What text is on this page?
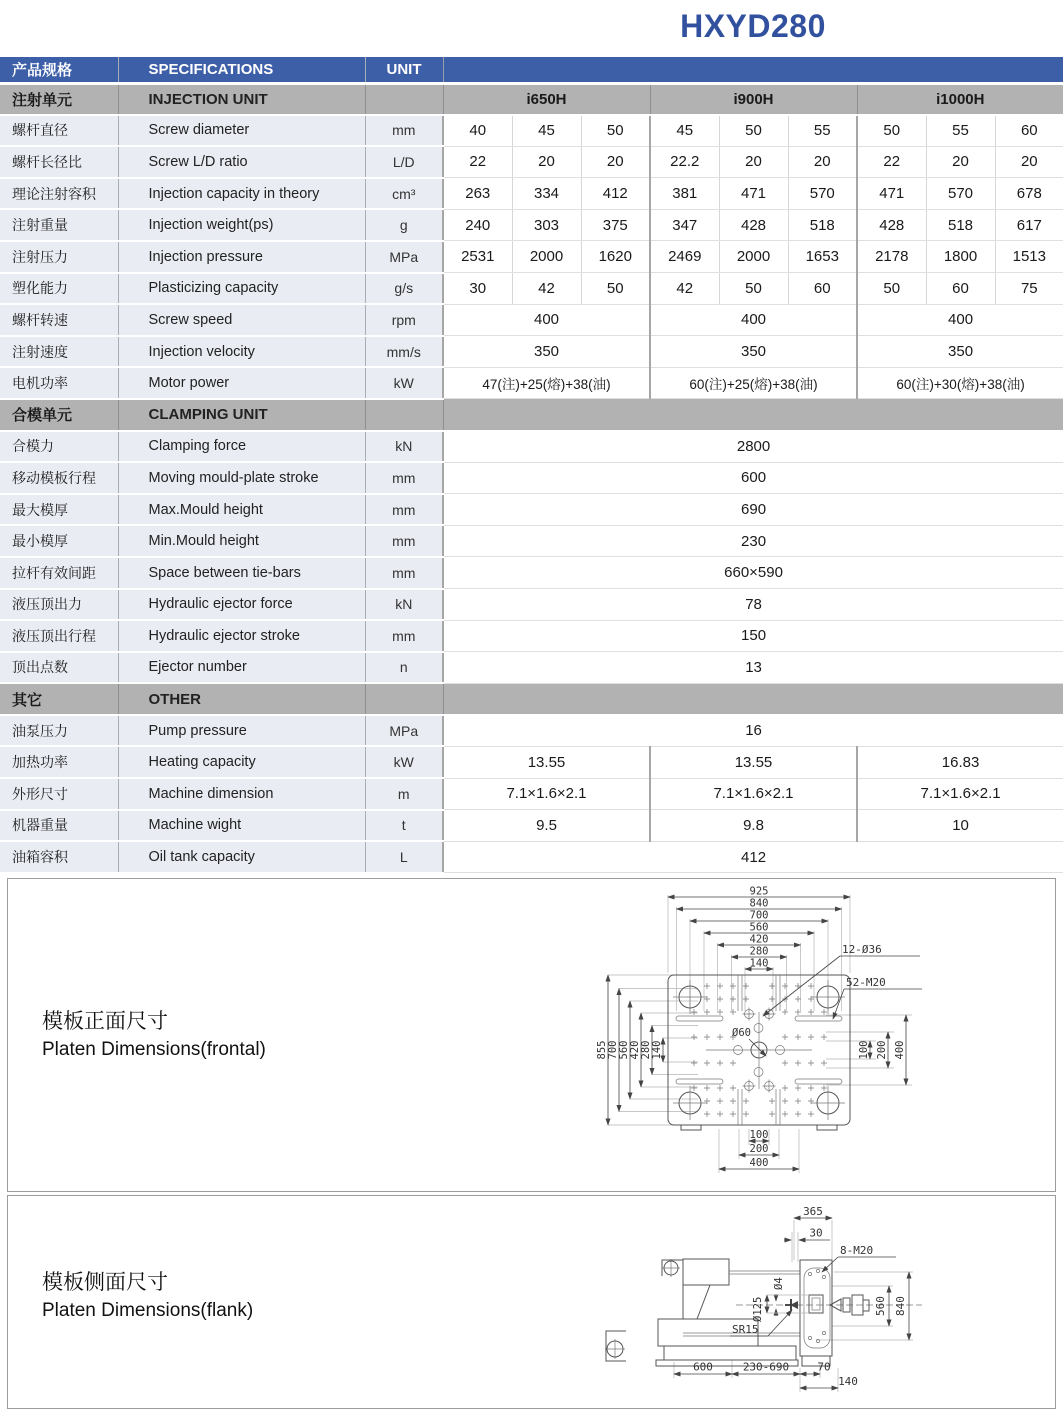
HXYD280
产品规格	SPECIFICATIONS	UNIT									
注射单元	INJECTION UNIT		i650H			i900H			i1000H		
螺杆直径	Screw diameter	mm	40	45	50	45	50	55	50	55	60
螺杆长径比	Screw L/D ratio	L/D	22	20	20	22.2	20	20	22	20	20
理论注射容积	Injection capacity in theory	cm³	263	334	412	381	471	570	471	570	678
注射重量	Injection weight(ps)	g	240	303	375	347	428	518	428	518	617
注射压力	Injection pressure	MPa	2531	2000	1620	2469	2000	1653	2178	1800	1513
塑化能力	Plasticizing capacity	g/s	30	42	50	42	50	60	50	60	75
螺杆转速	Screw speed	rpm	400			400			400		
注射速度	Injection velocity	mm/s	350			350			350		
电机功率	Motor power	kW	47(注)+25(熔)+38(油)			60(注)+25(熔)+38(油)			60(注)+30(熔)+38(油)		
合模单元	CLAMPING UNIT										
合模力	Clamping force	kN	2800								
移动模板行程	Moving mould-plate stroke	mm	600								
最大模厚	Max.Mould height	mm	690								
最小模厚	Min.Mould height	mm	230								
拉杆有效间距	Space between tie-bars	mm	660×590								
液压顶出力	Hydraulic ejector force	kN	78								
液压顶出行程	Hydraulic ejector stroke	mm	150								
顶出点数	Ejector number	n	13								
其它	OTHER										
油泵压力	Pump pressure	MPa	16								
加热功率	Heating capacity	kW	13.55			13.55			16.83		
外形尺寸	Machine dimension	m	7.1×1.6×2.1			7.1×1.6×2.1			7.1×1.6×2.1		
机器重量	Machine wight	t	9.5			9.8			10		
油箱容积	Oil tank capacity	L	412								
模板正面尺寸
Platen Dimensions(frontal)
925
840
700
560
420
280
140
855 700 560 420 280 140	100 200 400
100
200
400
12-Ø36
52-M20
Ø60
模板侧面尺寸
Platen Dimensions(flank)
365
30
8-M20
Ø4
Ø125
SR15
560 840
600	230-690	70
140
